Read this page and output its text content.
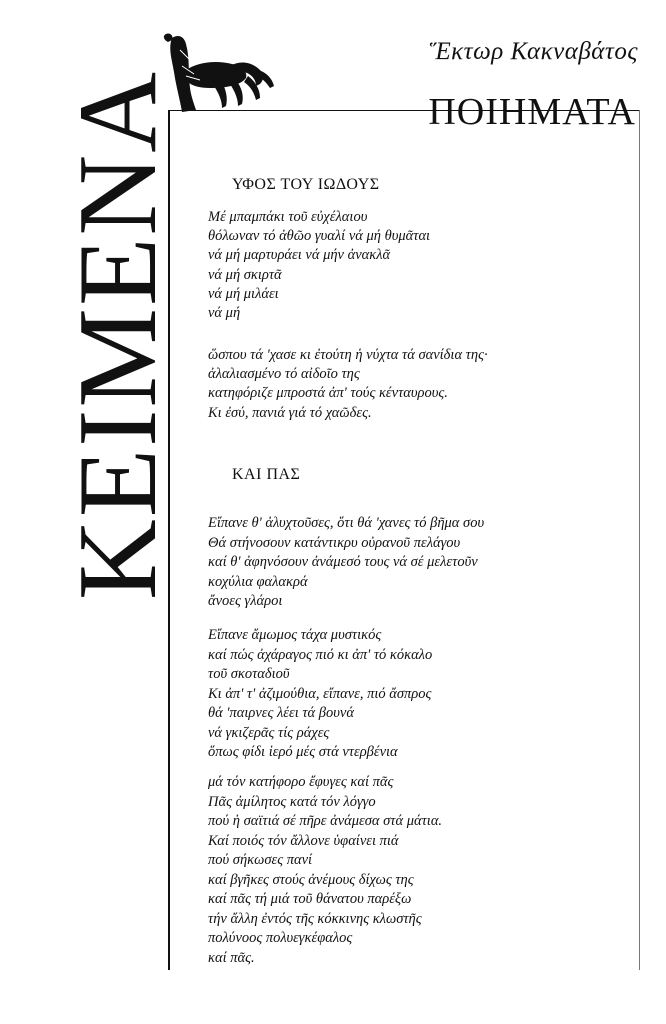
ΚΕΙΜΕΝΑ
Ἕκτωρ Κακναβάτος
ΠΟΙΗΜΑΤΑ
ΥΦΟΣ ΤΟΥ ΙΩΔΟΥΣ
Μέ μπαμπάκι τοῦ εὐχέλαιου
θόλωναν τό ἀθῶο γυαλί νά μή θυμᾶται
νά μή μαρτυράει νά μήν ἀνακλᾶ
νά μή σκιρτᾶ
νά μή μιλάει
νά μή
ὥσπου τά 'χασε κι ἐτούτη ἡ νύχτα τά σανίδια της·
ἀλαλιασμένο τό αἰδοῖο της
κατηφόριζε μπροστά ἀπ' τούς κένταυρους.
Κι ἐσύ, πανιά γιά τό χαῶδες.
ΚΑΙ ΠΑΣ
Εἴπανε θ' ἀλυχτοῦσες, ὅτι θά 'χανες τό βῆμα σου
Θά στήνοσουν κατάντικρυ οὐρανοῦ πελάγου
καί θ' ἀφηνόσουν ἀνάμεσό τους νά σέ μελετοῦν
κοχύλια φαλακρά
ἄνοες γλάροι
Εἴπανε ἄμωμος τάχα μυστικός
καί πώς ἀχάραγος πιό κι ἀπ' τό κόκαλο
τοῦ σκοταδιοῦ
Κι ἀπ' τ' ἀζιμούθια, εἴπανε, πιό ἄσπρος
θά 'παιρνες λέει τά βουνά
νά γκιζερᾶς τίς ράχες
ὅπως φίδι ἱερό μές στά ντερβένια
μά τόν κατήφορο ἔφυγες καί πᾶς
Πᾶς ἀμίλητος κατά τόν λόγγο
πού ἡ σαϊτιά σέ πῆρε ἀνάμεσα στά μάτια.
Καί ποιός τόν ἄλλονε ὑφαίνει πιά
πού σήκωσες πανί
καί βγῆκες στούς ἀνέμους δίχως της
καί πᾶς τή μιά τοῦ θάνατου παρέξω
τήν ἄλλη ἐντός τῆς κόκκινης κλωστῆς
πολύνοος πολυεγκέφαλος
καί πᾶς.
